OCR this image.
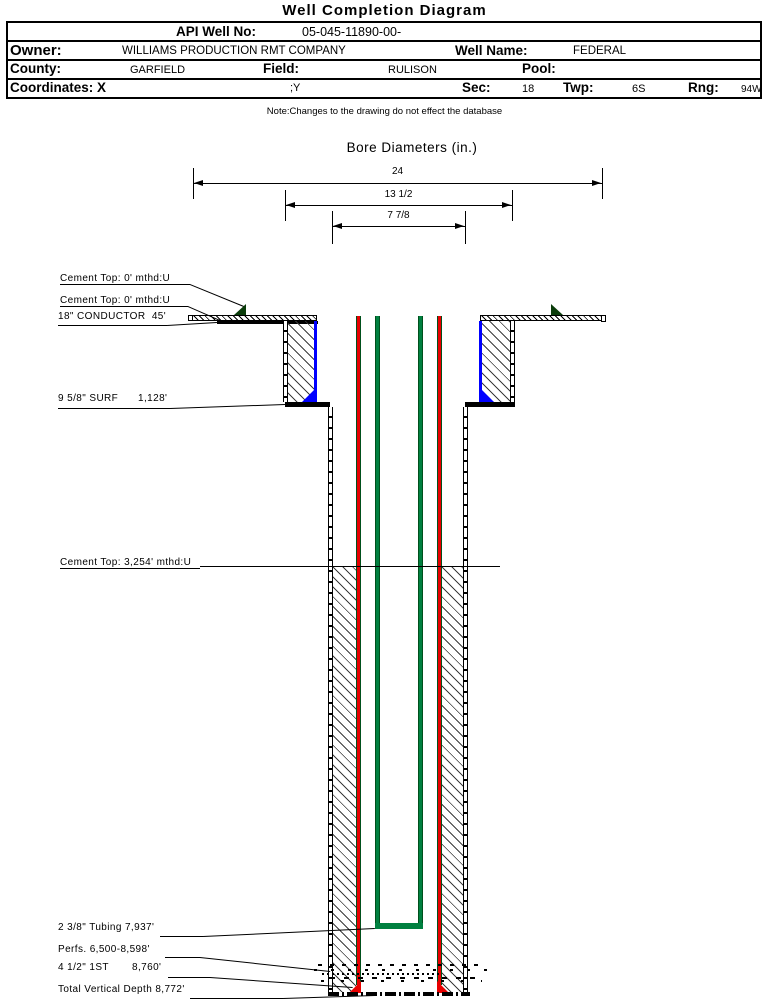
Well Completion Diagram
API Well No:	05-045-11890-00-
Owner:	WILLIAMS PRODUCTION RMT COMPANY	Well Name:	FEDERAL
County:	GARFIELD	Field:	RULISON	Pool:
Coordinates: X	;Y	Sec:	18 Twp:	6S	Rng: 94W
Note:Changes to the drawing do not effect the database
Bore Diameters (in.)
24
13 1/2
7 7/8
Cement Top: 0' mthd:U
Cement Top: 0' mthd:U
18" CONDUCTOR  45'
9 5/8" SURF 1,128'
Cement Top: 3,254' mthd:U
2 3/8" Tubing 7,937'
Perfs. 6,500-8,598'
4 1/2" 1ST 8,760'
Total Vertical Depth 8,772'
